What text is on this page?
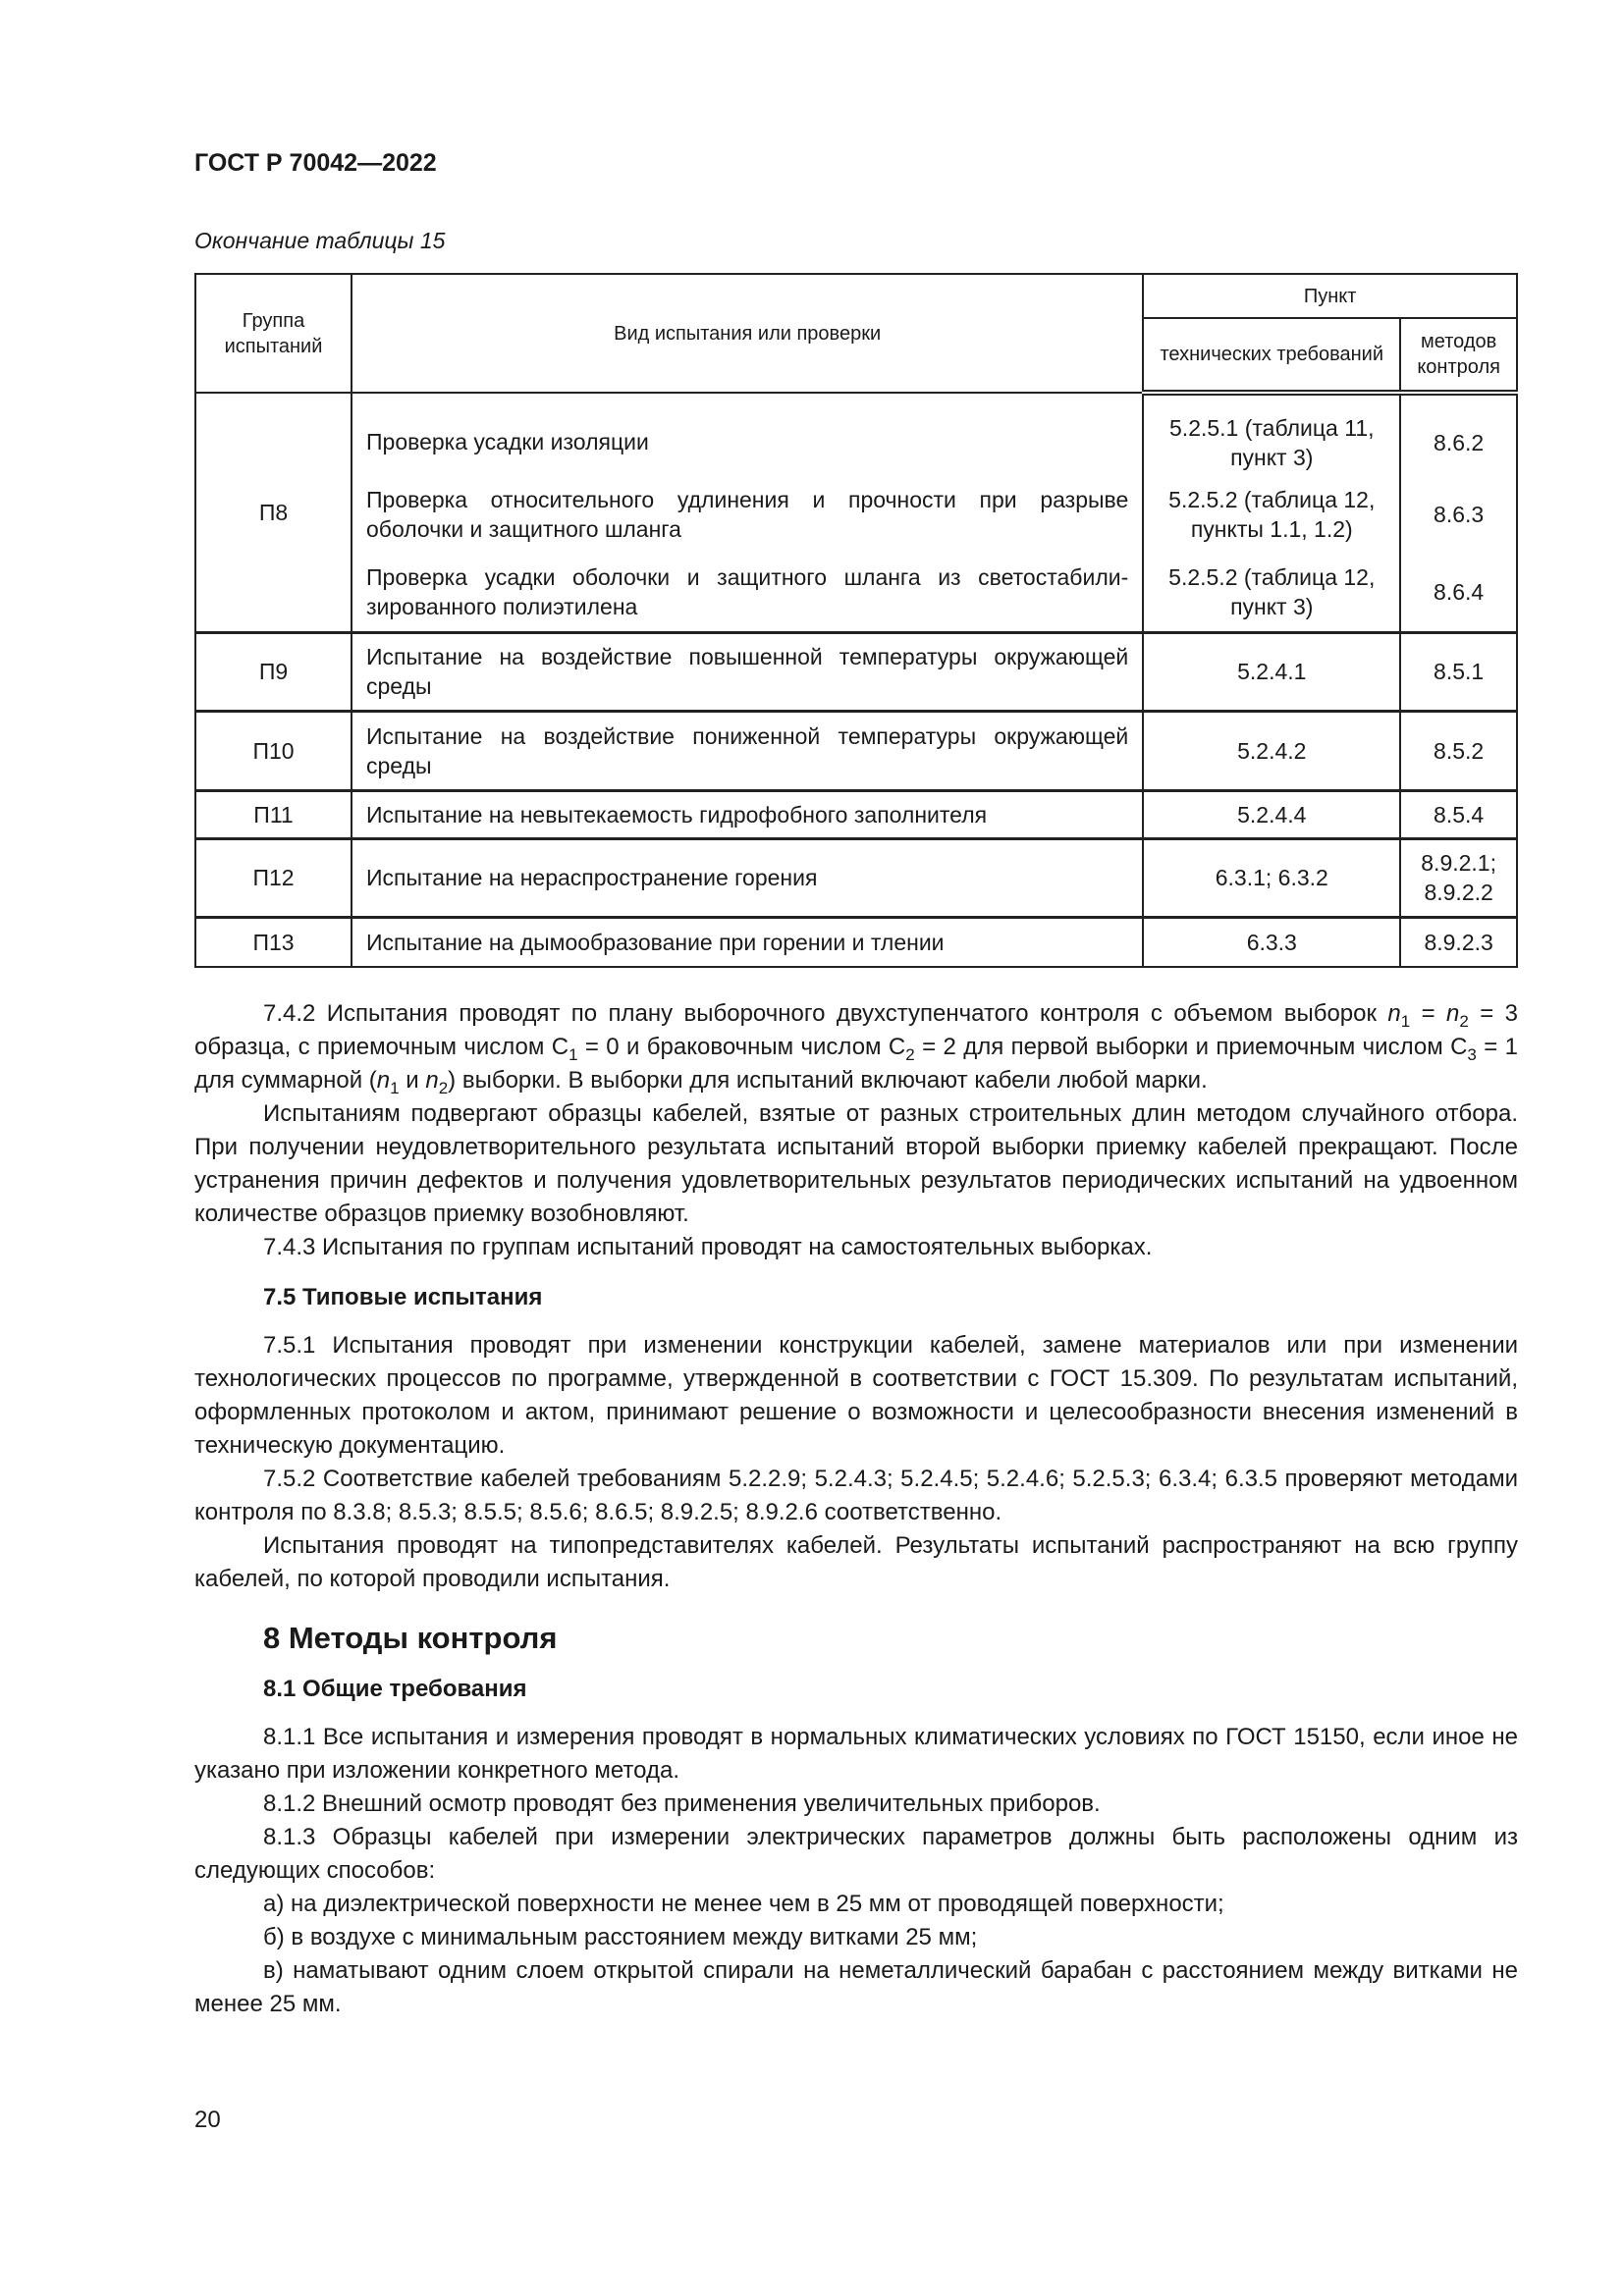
ГОСТ Р 70042—2022
Окончание таблицы 15
Группа испытаний	Вид испытания или проверки	Пункт	
		технических требований	методов контроля
П8	Проверка усадки изоляции	5.2.5.1 (таблица 11, пункт 3)	8.6.2
	Проверка относительного удлинения и прочности при разрыве оболочки и защитного шланга	5.2.5.2 (таблица 12, пункты 1.1, 1.2)	8.6.3
	Проверка усадки оболочки и защитного шланга из светостабилизированного полиэтилена	5.2.5.2 (таблица 12, пункт 3)	8.6.4
П9	Испытание на воздействие повышенной температуры окружающей среды	5.2.4.1	8.5.1
П10	Испытание на воздействие пониженной температуры окружающей среды	5.2.4.2	8.5.2
П11	Испытание на невытекаемость гидрофобного заполнителя	5.2.4.4	8.5.4
П12	Испытание на нераспространение горения	6.3.1; 6.3.2	8.9.2.1; 8.9.2.2
П13	Испытание на дымообразование при горении и тлении	6.3.3	8.9.2.3

7.4.2 Испытания проводят по плану выборочного двухступенчатого контроля с объемом выборок $n_1 = n_2 = 3$ образца, с приемочным числом $С_1 = 0$ и браковочным числом $С_2 = 2$ для первой выборки и приемочным числом $С_3 = 1$ для суммарной ($n_1$ и $n_2$) выборки. В выборки для испытаний включают кабели любой марки.

Испытаниям подвергают образцы кабелей, взятые от разных строительных длин методом случайного отбора. При получении неудовлетворительного результата испытаний второй выборки приемку кабелей прекращают. После устранения причин дефектов и получения удовлетворительных результатов периодических испытаний на удвоенном количестве образцов приемку возобновляют.

7.4.3 Испытания по группам испытаний проводят на самостоятельных выборках.

7.5 Типовые испытания

7.5.1 Испытания проводят при изменении конструкции кабелей, замене материалов или при изменении технологических процессов по программе, утвержденной в соответствии с ГОСТ 15.309. По результатам испытаний, оформленных протоколом и актом, принимают решение о возможности и целесообразности внесения изменений в техническую документацию.

7.5.2 Соответствие кабелей требованиям 5.2.2.9; 5.2.4.3; 5.2.4.5; 5.2.4.6; 5.2.5.3; 6.3.4; 6.3.5 проверяют методами контроля по 8.3.8; 8.5.3; 8.5.5; 8.5.6; 8.6.5; 8.9.2.5; 8.9.2.6 соответственно.

Испытания проводят на типопредставителях кабелей. Результаты испытаний распространяют на всю группу кабелей, по которой проводили испытания.

8 Методы контроля
8.1 Общие требования

8.1.1 Все испытания и измерения проводят в нормальных климатических условиях по ГОСТ 15150, если иное не указано при изложении конкретного метода.

8.1.2 Внешний осмотр проводят без применения увеличительных приборов.

8.1.3 Образцы кабелей при измерении электрических параметров должны быть расположены одним из следующих способов:

а) на диэлектрической поверхности не менее чем в 25 мм от проводящей поверхности;

б) в воздухе с минимальным расстоянием между витками 25 мм;

в) наматывают одним слоем открытой спирали на неметаллический барабан с расстоянием между витками не менее 25 мм.

20
